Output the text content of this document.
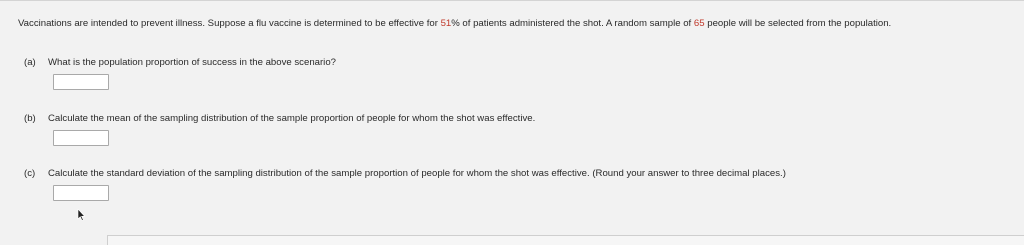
Vaccinations are intended to prevent illness. Suppose a flu vaccine is determined to be effective for 51% of patients administered the shot. A random sample of 65 people will be selected from the population.
(a) What is the population proportion of success in the above scenario?
(b) Calculate the mean of the sampling distribution of the sample proportion of people for whom the shot was effective.
(c) Calculate the standard deviation of the sampling distribution of the sample proportion of people for whom the shot was effective. (Round your answer to three decimal places.)
